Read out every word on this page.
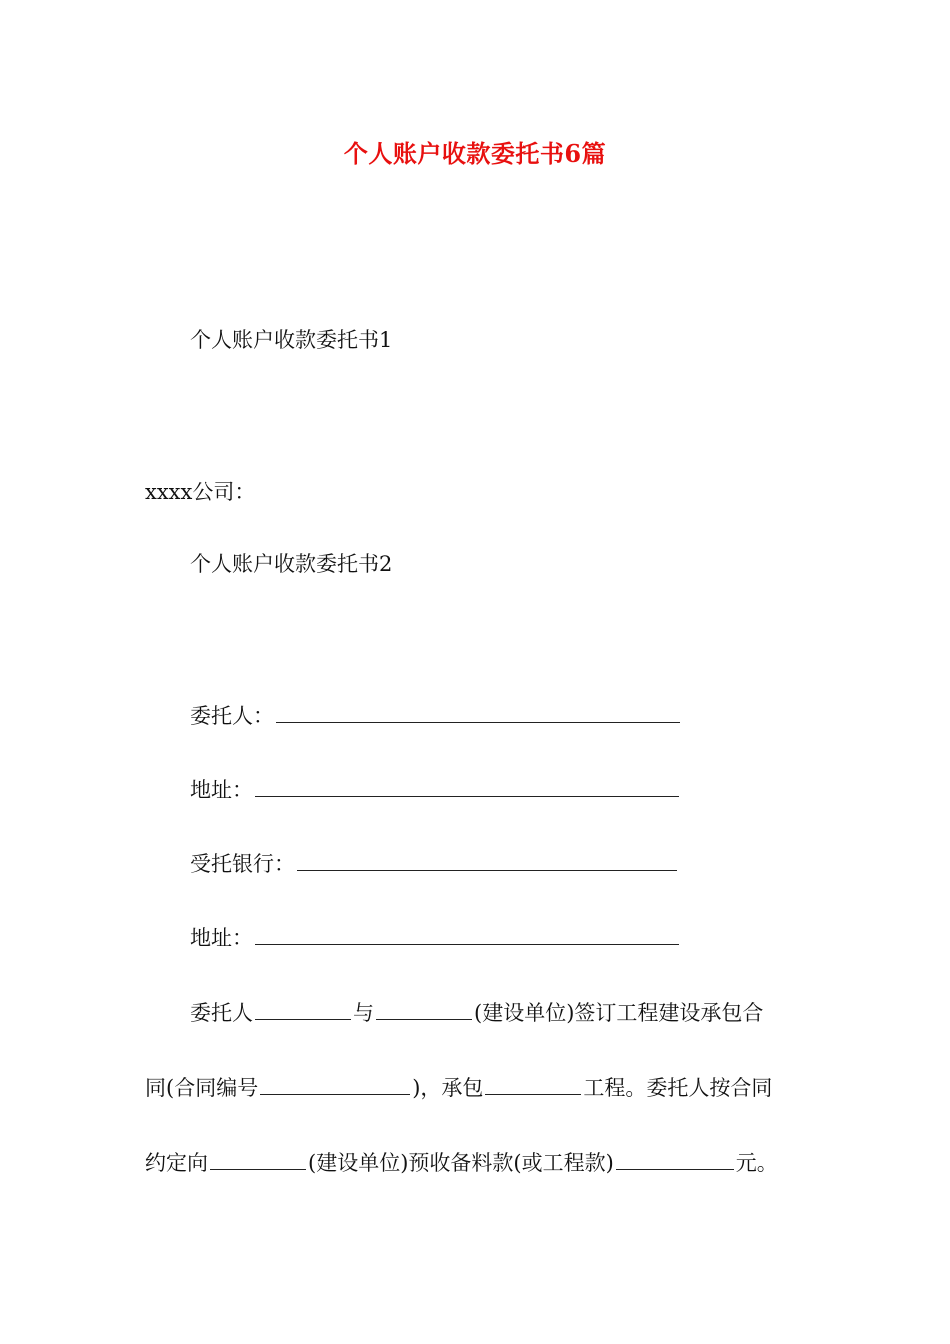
个人账户收款委托书6篇
个人账户收款委托书1
xxxx公司：
个人账户收款委托书2
委托人：
地址：
受托银行：
地址：
委托人	与	(建设单位)签订工程建设承包合
同(合同编号	)，承包	工程。委托人按合同
约定向	(建设单位)预收备料款(或工程款)	元。
